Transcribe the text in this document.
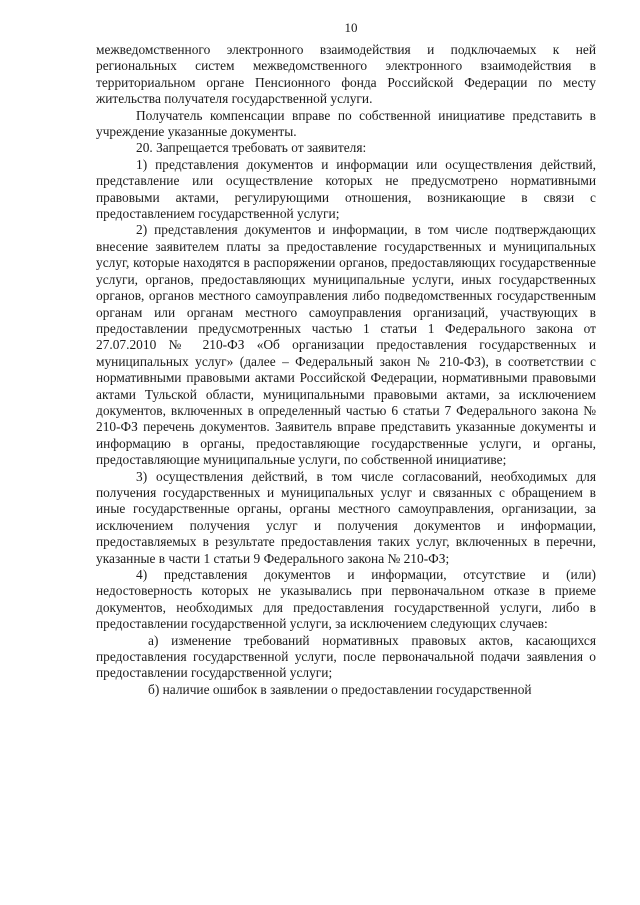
10

межведомственного электронного взаимодействия и подключаемых к ней региональных систем межведомственного электронного взаимодействия в территориальном органе Пенсионного фонда Российской Федерации по месту жительства получателя государственной услуги.

Получатель компенсации вправе по собственной инициативе представить в учреждение указанные документы.

20. Запрещается требовать от заявителя:

1) представления документов и информации или осуществления действий, представление или осуществление которых не предусмотрено нормативными правовыми актами, регулирующими отношения, возникающие в связи с предоставлением государственной услуги;

2) представления документов и информации, в том числе подтверждающих внесение заявителем платы за предоставление государственных и муниципальных услуг, которые находятся в распоряжении органов, предоставляющих государственные услуги, органов, предоставляющих муниципальные услуги, иных государственных органов, органов местного самоуправления либо подведомственных государственным органам или органам местного самоуправления организаций, участвующих в предоставлении предусмотренных частью 1 статьи 1 Федерального закона от 27.07.2010 № 210-ФЗ «Об организации предоставления государственных и муниципальных услуг» (далее – Федеральный закон № 210-ФЗ), в соответствии с нормативными правовыми актами Российской Федерации, нормативными правовыми актами Тульской области, муниципальными правовыми актами, за исключением документов, включенных в определенный частью 6 статьи 7 Федерального закона № 210-ФЗ перечень документов. Заявитель вправе представить указанные документы и информацию в органы, предоставляющие государственные услуги, и органы, предоставляющие муниципальные услуги, по собственной инициативе;

3) осуществления действий, в том числе согласований, необходимых для получения государственных и муниципальных услуг и связанных с обращением в иные государственные органы, органы местного самоуправления, организации, за исключением получения услуг и получения документов и информации, предоставляемых в результате предоставления таких услуг, включенных в перечни, указанные в части 1 статьи 9 Федерального закона № 210-ФЗ;

4) представления документов и информации, отсутствие и (или) недостоверность которых не указывались при первоначальном отказе в приеме документов, необходимых для предоставления государственной услуги, либо в предоставлении государственной услуги, за исключением следующих случаев:

а) изменение требований нормативных правовых актов, касающихся предоставления государственной услуги, после первоначальной подачи заявления о предоставлении государственной услуги;

б) наличие ошибок в заявлении о предоставлении государственной
